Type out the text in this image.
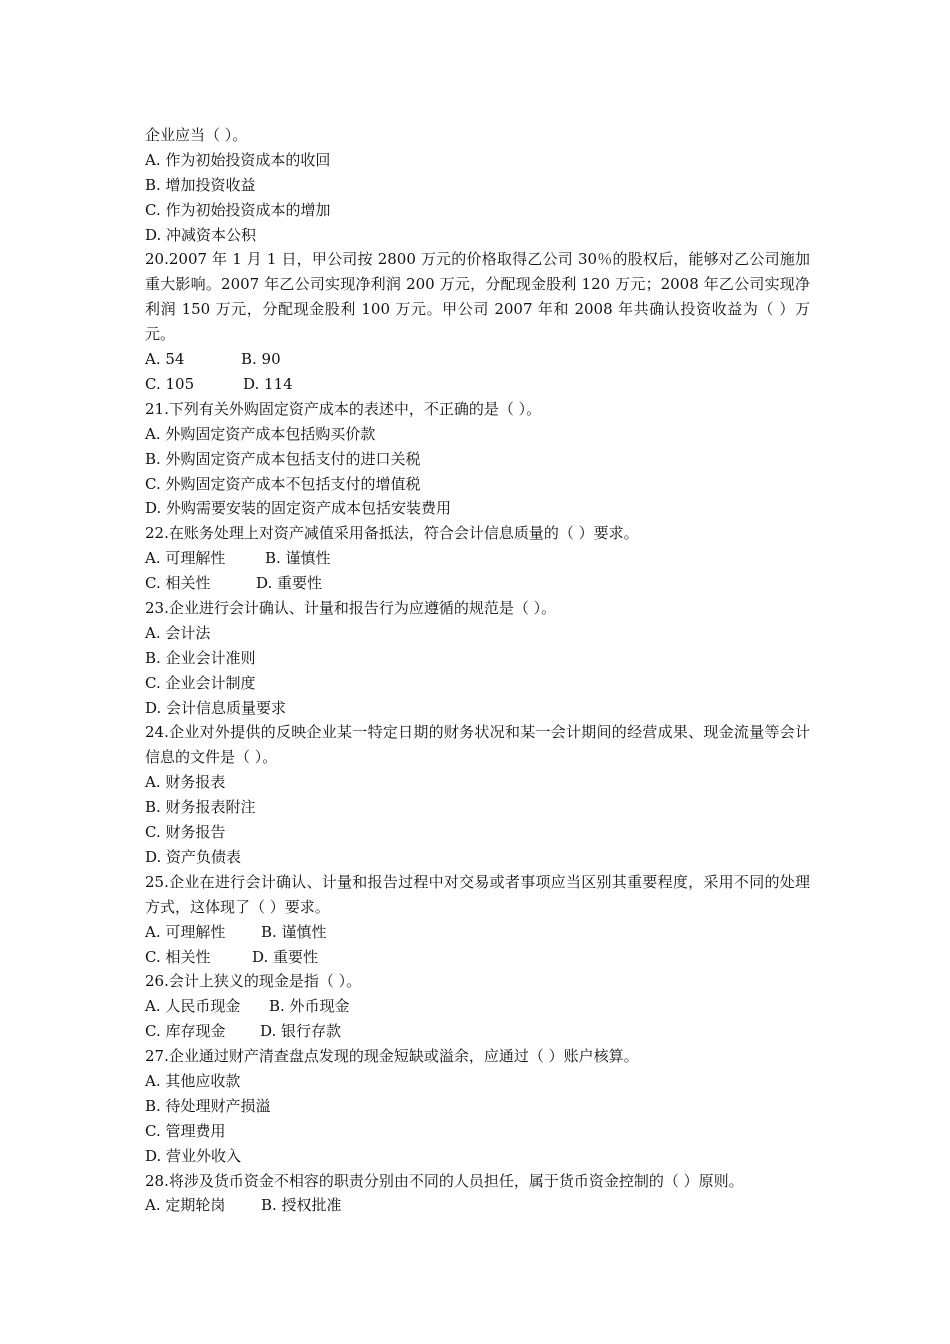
企业应当（ ）。
A. 作为初始投资成本的收回
B. 增加投资收益
C. 作为初始投资成本的增加
D. 冲减资本公积
20.2007 年 1 月 1 日，甲公司按 2800 万元的价格取得乙公司 30％的股权后，能够对乙公司施加重大影响。2007 年乙公司实现净利润 200 万元，分配现金股利 120 万元；2008 年乙公司实现净利润 150 万元，分配现金股利 100 万元。甲公司 2007 年和 2008 年共确认投资收益为（ ）万元。
A. 54	B. 90
C. 105	D. 114
21.下列有关外购固定资产成本的表述中，不正确的是（ ）。
A. 外购固定资产成本包括购买价款
B. 外购固定资产成本包括支付的进口关税
C. 外购固定资产成本不包括支付的增值税
D. 外购需要安装的固定资产成本包括安装费用
22.在账务处理上对资产减值采用备抵法，符合会计信息质量的（ ）要求。
A. 可理解性	B. 谨慎性
C. 相关性	D. 重要性
23.企业进行会计确认、计量和报告行为应遵循的规范是（ ）。
A. 会计法
B. 企业会计准则
C. 企业会计制度
D. 会计信息质量要求
24.企业对外提供的反映企业某一特定日期的财务状况和某一会计期间的经营成果、现金流量等会计信息的文件是（ ）。
A. 财务报表
B. 财务报表附注
C. 财务报告
D. 资产负债表
25.企业在进行会计确认、计量和报告过程中对交易或者事项应当区别其重要程度，采用不同的处理方式，这体现了（ ）要求。
A. 可理解性 B. 谨慎性
C. 相关性	D. 重要性
26.会计上狭义的现金是指（ ）。
A. 人民币现金 B. 外币现金
C. 库存现金 D. 银行存款
27.企业通过财产清查盘点发现的现金短缺或溢余，应通过（ ）账户核算。
A. 其他应收款
B. 待处理财产损溢
C. 管理费用
D. 营业外收入
28.将涉及货币资金不相容的职责分别由不同的人员担任，属于货币资金控制的（ ）原则。
A. 定期轮岗 B. 授权批准
